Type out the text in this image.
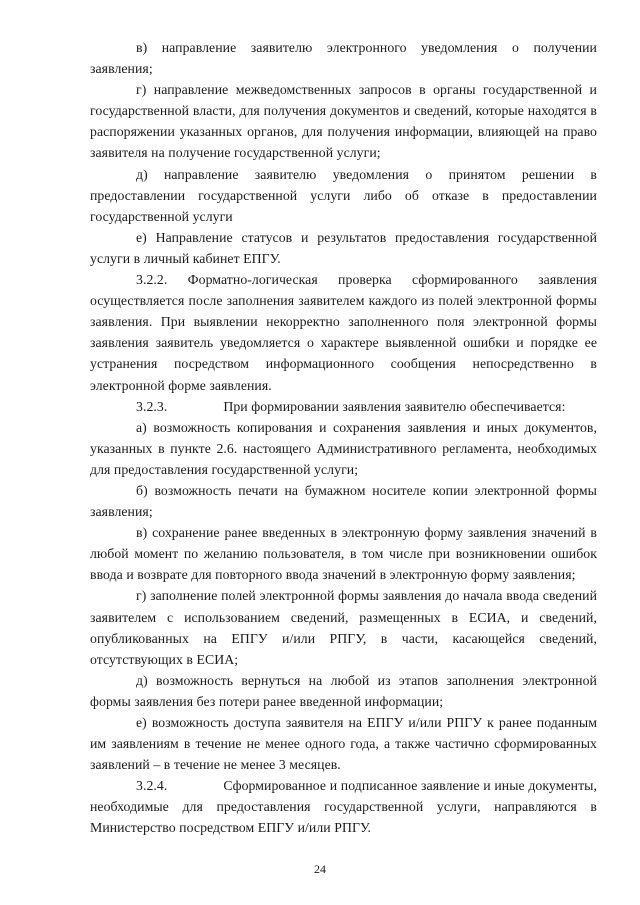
в) направление заявителю электронного уведомления о получении заявления;

г) направление межведомственных запросов в органы государственной и государственной власти, для получения документов и сведений, которые находятся в распоряжении указанных органов, для получения информации, влияющей на право заявителя на получение государственной услуги;

д) направление заявителю уведомления о принятом решении в предоставлении государственной услуги либо об отказе в предоставлении государственной услуги

е) Направление статусов и результатов предоставления государственной услуги в личный кабинет ЕПГУ.

3.2.2. Форматно-логическая проверка сформированного заявления осуществляется после заполнения заявителем каждого из полей электронной формы заявления. При выявлении некорректно заполненного поля электронной формы заявления заявитель уведомляется о характере выявленной ошибки и порядке ее устранения посредством информационного сообщения непосредственно в электронной форме заявления.

3.2.3.	При формировании заявления заявителю обеспечивается:

а) возможность копирования и сохранения заявления и иных документов, указанных в пункте 2.6. настоящего Административного регламента, необходимых для предоставления государственной услуги;

б) возможность печати на бумажном носителе копии электронной формы заявления;

в) сохранение ранее введенных в электронную форму заявления значений в любой момент по желанию пользователя, в том числе при возникновении ошибок ввода и возврате для повторного ввода значений в электронную форму заявления;

г) заполнение полей электронной формы заявления до начала ввода сведений заявителем с использованием сведений, размещенных в ЕСИА, и сведений, опубликованных на ЕПГУ и/или РПГУ, в части, касающейся сведений, отсутствующих в ЕСИА;

д) возможность вернуться на любой из этапов заполнения электронной формы заявления без потери ранее введенной информации;

е) возможность доступа заявителя на ЕПГУ и/или РПГУ к ранее поданным им заявлениям в течение не менее одного года, а также частично сформированных заявлений – в течение не менее 3 месяцев.

3.2.4.	Сформированное и подписанное заявление и иные документы, необходимые для предоставления государственной услуги, направляются в Министерство посредством ЕПГУ и/или РПГУ.

24
